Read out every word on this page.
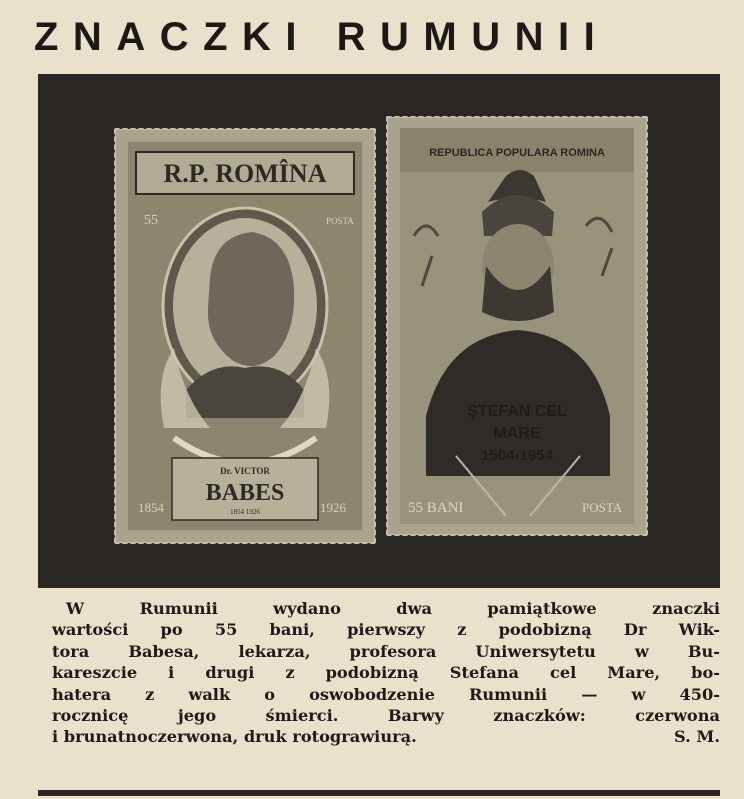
ZNACZKI RUMUNII
R.P. ROMÎNA
55	POSTA
Dr. VICTOR
BABES
1854 1926
1854	1926
REPUBLICA POPULARA ROMINA
ŞTEFAN CEL
MARE
1504-1954
55 BANI	POSTA
W Rumunii wydano dwa pamiątkowe znaczki
wartości po 55 bani, pierwszy z podobizną Dr Wik-
tora Babesa, lekarza, profesora Uniwersytetu w Bu-
kareszcie i drugi z podobizną Stefana cel Mare, bo-
hatera z walk o oswobodzenie Rumunii — w 450-
rocznicę jego śmierci. Barwy znaczków: czerwona
i brunatnoczerwona, druk rotograwiurą.	S. M.
